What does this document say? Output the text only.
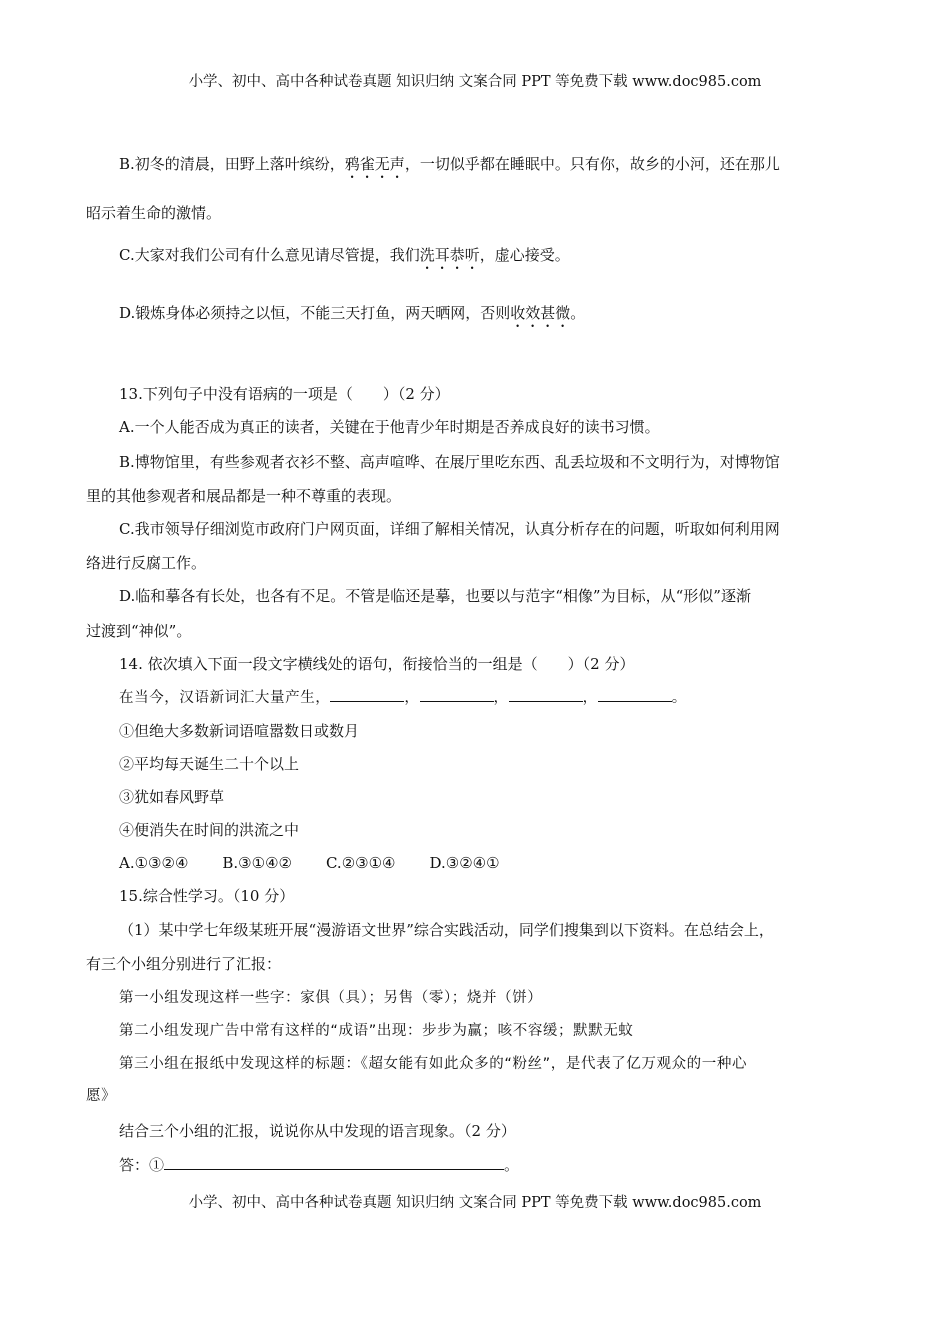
小学、初中、高中各种试卷真题 知识归纳 文案合同 PPT 等免费下载 www.doc985.com
B.初冬的清晨，田野上落叶缤纷，鸦雀无声，一切似乎都在睡眠中。只有你，故乡的小河，还在那儿
昭示着生命的激情。
C.大家对我们公司有什么意见请尽管提，我们洗耳恭听，虚心接受。
D.锻炼身体必须持之以恒，不能三天打鱼，两天晒网，否则收效甚微。
13.下列句子中没有语病的一项是（　　）（2 分）
A.一个人能否成为真正的读者，关键在于他青少年时期是否养成良好的读书习惯。
B.博物馆里，有些参观者衣衫不整、高声喧哗、在展厅里吃东西、乱丢垃圾和不文明行为，对博物馆
里的其他参观者和展品都是一种不尊重的表现。
C.我市领导仔细浏览市政府门户网页面，详细了解相关情况，认真分析存在的问题，听取如何利用网
络进行反腐工作。
D.临和摹各有长处，也各有不足。不管是临还是摹，也要以与范字“相像”为目标，从“形似”逐渐
过渡到“神似”。
14. 依次填入下面一段文字横线处的语句，衔接恰当的一组是（　　）（2 分）
在当今，汉语新词汇大量产生，	，	，	，	。
①但绝大多数新词语喧嚣数日或数月
②平均每天诞生二十个以上
③犹如春风野草
④便消失在时间的洪流之中
A.①③②④ B.③①④② C.②③①④ D.③②④①
15.综合性学习。（10 分）
（1）某中学七年级某班开展“漫游语文世界”综合实践活动，同学们搜集到以下资料。在总结会上，
有三个小组分别进行了汇报：
第一小组发现这样一些字：家俱（具）；另售（零）；烧并（饼）
第二小组发现广告中常有这样的“成语”出现：步步为赢；咳不容缓；默默无蚊
第三小组在报纸中发现这样的标题：《超女能有如此众多的“粉丝”，是代表了亿万观众的一种心
愿》
结合三个小组的汇报，说说你从中发现的语言现象。（2 分）
答：①	。
小学、初中、高中各种试卷真题 知识归纳 文案合同 PPT 等免费下载 www.doc985.com
